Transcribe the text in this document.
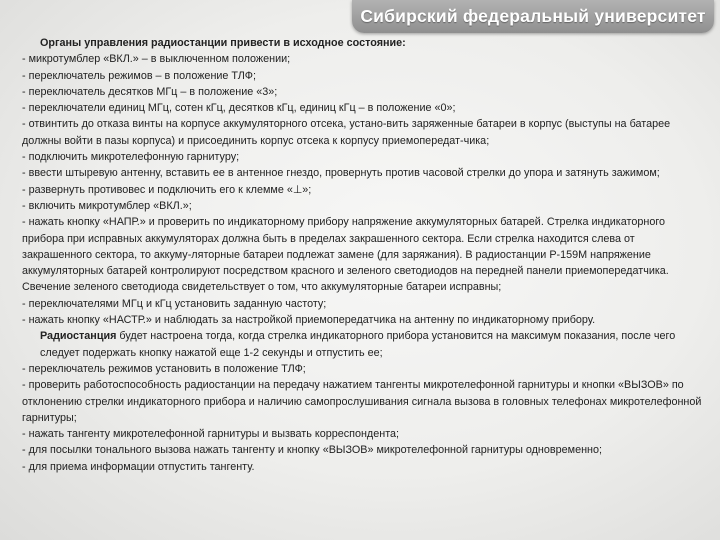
Сибирский федеральный университет

Органы управления радиостанции привести в исходное состояние:

- микротумблер «ВКЛ.» – в выключенном положении;

- переключатель режимов – в положение ТЛФ;

- переключатель десятков МГц – в положение «3»;

- переключатели единиц МГц, сотен кГц, десятков кГц, единиц кГц – в положение «0»;

- отвинтить до отказа винты на корпусе аккумуляторного отсека, устано-вить заряженные батареи в корпус (выступы на батарее должны войти в пазы корпуса) и присоединить корпус отсека к корпусу приемопередат-чика;

- подключить микротелефонную гарнитуру;

- ввести штыревую антенну, вставить ее в антенное гнездо, провернуть против часовой стрелки до упора и затянуть зажимом;

- развернуть противовес и подключить его к клемме «⊥»;

- включить микротумблер «ВКЛ.»;

- нажать кнопку «НАПР.» и проверить по индикаторному прибору напряжение аккумуляторных батарей. Стрелка индикаторного прибора при исправных аккумуляторах должна быть в пределах закрашенного сектора. Если стрелка находится слева от закрашенного сектора, то аккуму-ляторные батареи подлежат замене (для заряжания). В радиостанции Р-159М напряжение аккумуляторных батарей контролируют посредством красного и зеленого светодиодов на передней панели приемопередатчика. Свечение зеленого светодиода свидетельствует о том, что аккумуляторные батареи исправны;

- переключателями МГц и кГц установить заданную частоту;

- нажать кнопку «НАСТР.» и наблюдать за настройкой приемопередатчика на антенну по индикаторному прибору.

Радиостанция будет настроена тогда, когда стрелка индикаторного прибора установится на максимум показания, после чего следует подержать кнопку нажатой еще 1-2 секунды и отпустить ее;

- переключатель режимов установить в положение ТЛФ;

- проверить работоспособность радиостанции на передачу нажатием тангенты микротелефонной гарнитуры и кнопки «ВЫЗОВ» по отклонению стрелки индикаторного прибора и наличию самопрослушивания сигнала вызова в головных телефонах микротелефонной гарнитуры;

- нажать тангенту микротелефонной гарнитуры и вызвать корреспондента;

- для посылки тонального вызова нажать тангенту и кнопку «ВЫЗОВ» микротелефонной гарнитуры одновременно;

- для приема информации отпустить тангенту.
